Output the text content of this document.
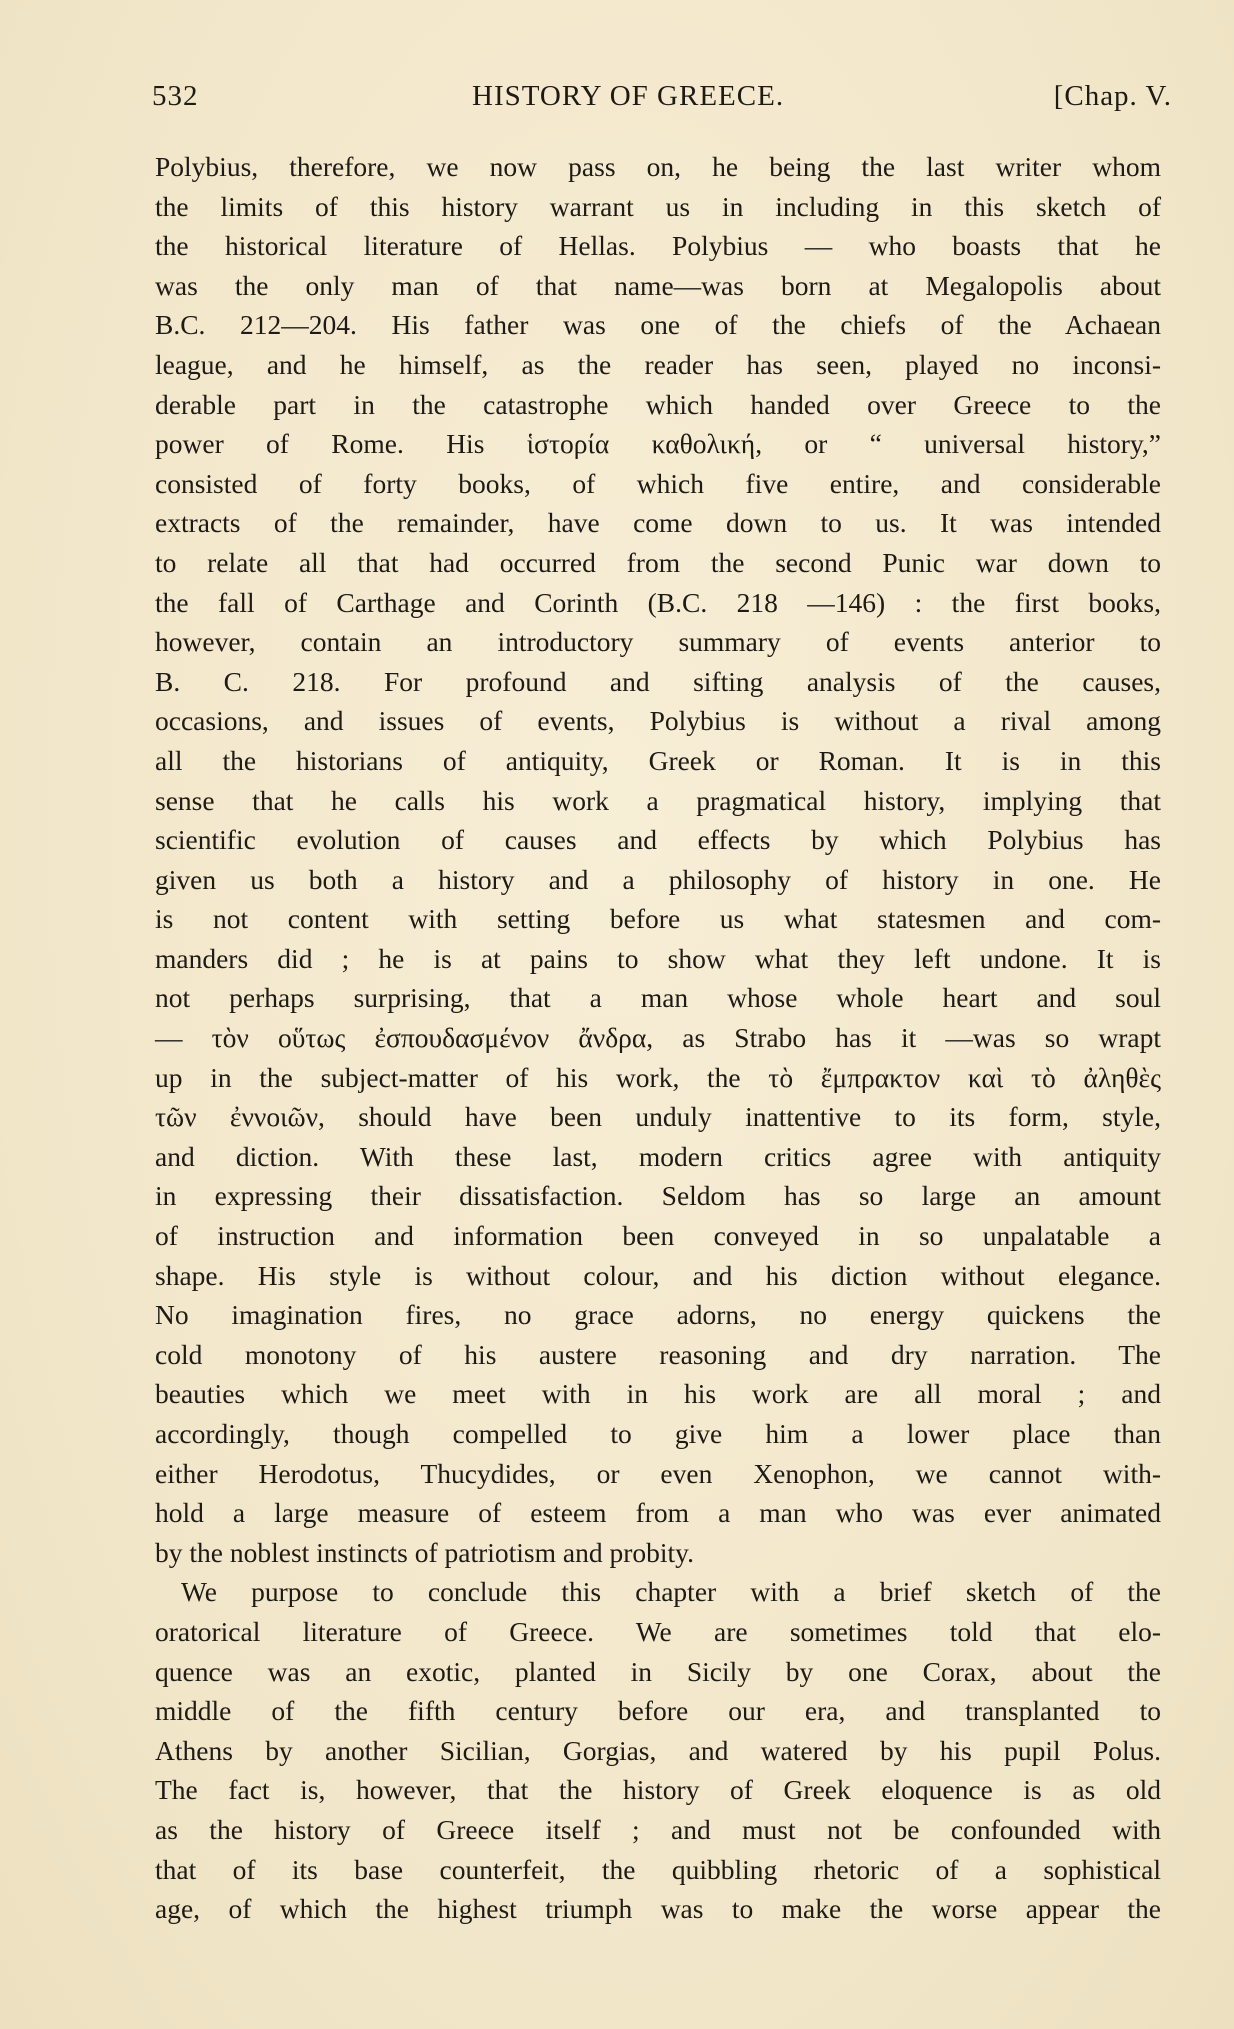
532	HISTORY OF GREECE.	[Chap. V.
Polybius, therefore, we now pass on, he being the last writer whom
the limits of this history warrant us in including in this sketch of
the historical literature of Hellas. Polybius — who boasts that he
was the only man of that name—was born at Megalopolis about
B.C. 212—204. His father was one of the chiefs of the Achaean
league, and he himself, as the reader has seen, played no inconsi-
derable part in the catastrophe which handed over Greece to the
power of Rome. His ἱστορία καθολική, or “ universal history,”
consisted of forty books, of which five entire, and considerable
extracts of the remainder, have come down to us. It was intended
to relate all that had occurred from the second Punic war down to
the fall of Carthage and Corinth (B.C. 218 —146) : the first books,
however, contain an introductory summary of events anterior to
B. C. 218. For profound and sifting analysis of the causes,
occasions, and issues of events, Polybius is without a rival among
all the historians of antiquity, Greek or Roman. It is in this
sense that he calls his work a pragmatical history, implying that
scientific evolution of causes and effects by which Polybius has
given us both a history and a philosophy of history in one. He
is not content with setting before us what statesmen and com-
manders did ; he is at pains to show what they left undone. It is
not perhaps surprising, that a man whose whole heart and soul
— τὸν οὕτως ἐσπουδασμένον ἄνδρα, as Strabo has it —was so wrapt
up in the subject-matter of his work, the τὸ ἔμπρακτον καὶ τὸ ἀληθὲς
τῶν ἐννοιῶν, should have been unduly inattentive to its form, style,
and diction. With these last, modern critics agree with antiquity
in expressing their dissatisfaction. Seldom has so large an amount
of instruction and information been conveyed in so unpalatable a
shape. His style is without colour, and his diction without elegance.
No imagination fires, no grace adorns, no energy quickens the
cold monotony of his austere reasoning and dry narration. The
beauties which we meet with in his work are all moral ; and
accordingly, though compelled to give him a lower place than
either Herodotus, Thucydides, or even Xenophon, we cannot with-
hold a large measure of esteem from a man who was ever animated
by the noblest instincts of patriotism and probity.
We purpose to conclude this chapter with a brief sketch of the
oratorical literature of Greece. We are sometimes told that elo-
quence was an exotic, planted in Sicily by one Corax, about the
middle of the fifth century before our era, and transplanted to
Athens by another Sicilian, Gorgias, and watered by his pupil Polus.
The fact is, however, that the history of Greek eloquence is as old
as the history of Greece itself ; and must not be confounded with
that of its base counterfeit, the quibbling rhetoric of a sophistical
age, of which the highest triumph was to make the worse appear the
